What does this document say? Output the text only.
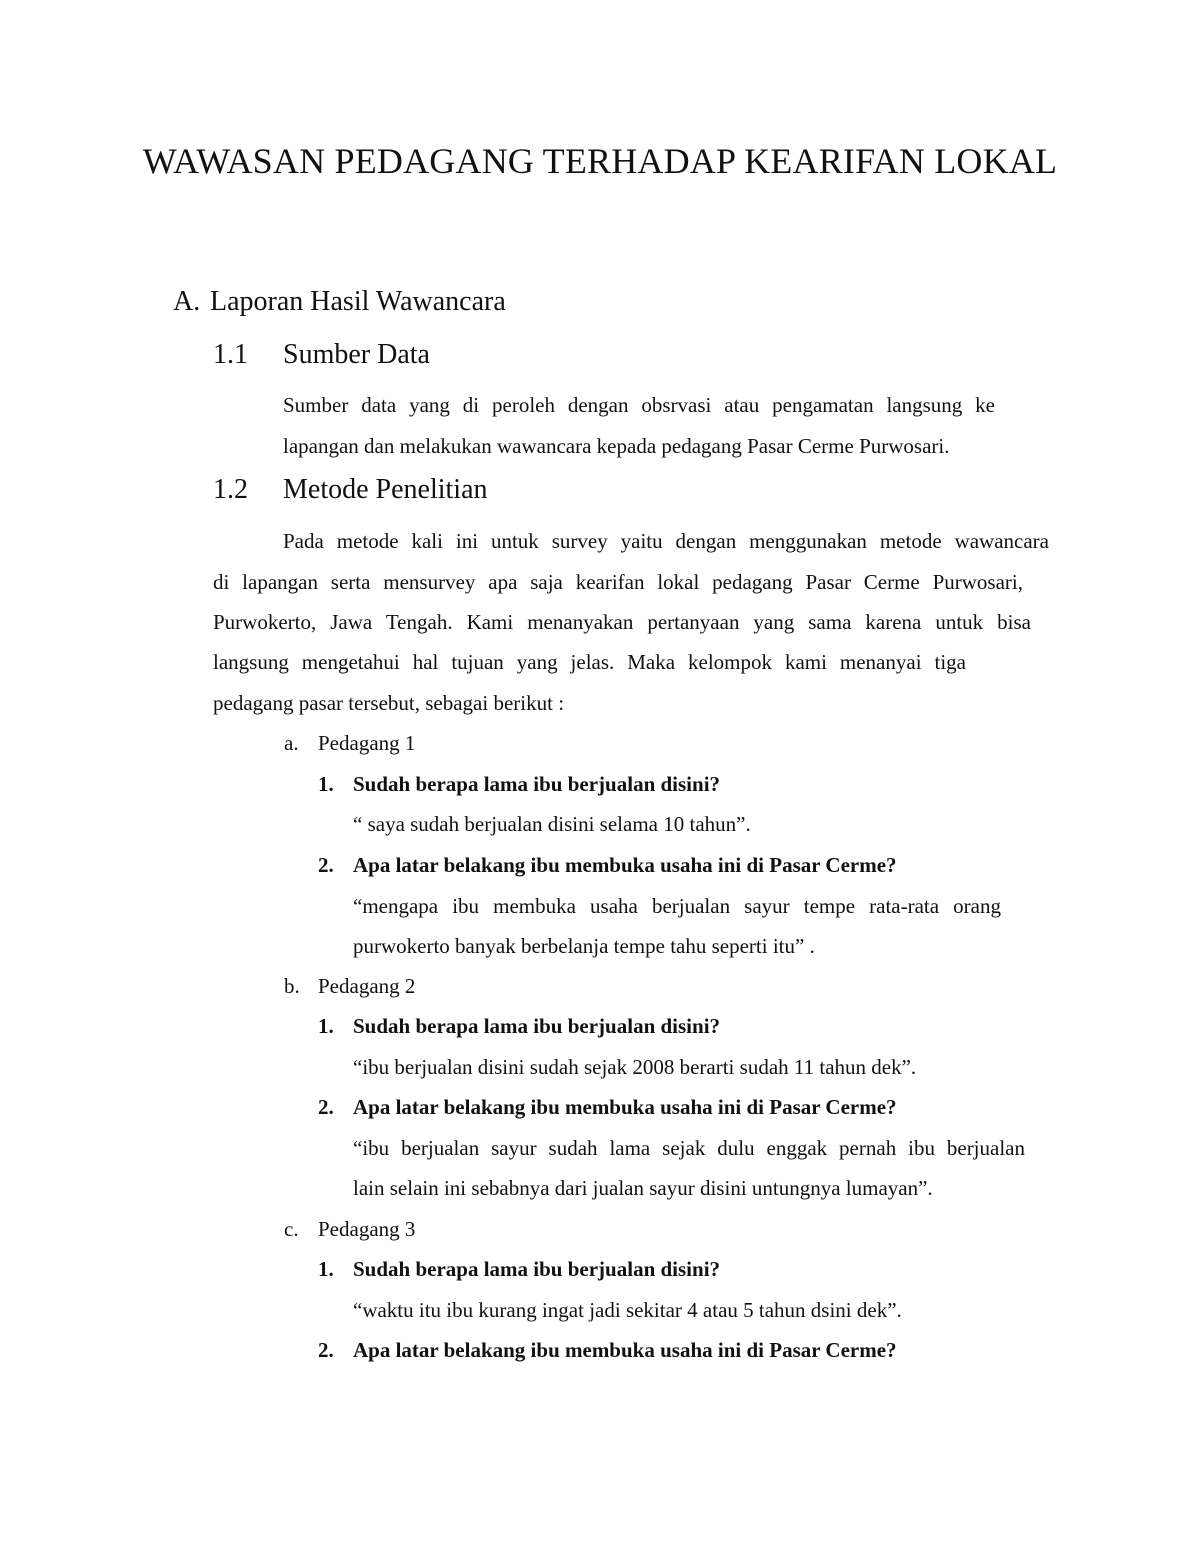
WAWASAN PEDAGANG TERHADAP KEARIFAN LOKAL
A. Laporan Hasil Wawancara
1.1 Sumber Data
Sumber data yang di peroleh dengan obsrvasi atau pengamatan langsung ke
lapangan dan melakukan wawancara kepada pedagang Pasar Cerme Purwosari.
1.2 Metode Penelitian
Pada metode kali ini untuk survey yaitu dengan menggunakan metode wawancara
di lapangan serta mensurvey apa saja kearifan lokal pedagang Pasar Cerme Purwosari,
Purwokerto, Jawa Tengah. Kami menanyakan pertanyaan yang sama karena untuk bisa
langsung mengetahui hal tujuan yang jelas. Maka kelompok kami menanyai tiga
pedagang pasar tersebut, sebagai berikut :
a. Pedagang 1
1. Sudah berapa lama ibu berjualan disini?
“ saya sudah berjualan disini selama 10 tahun”.
2. Apa latar belakang ibu membuka usaha ini di Pasar Cerme?
“mengapa ibu membuka usaha berjualan sayur tempe rata-rata orang
purwokerto banyak berbelanja tempe tahu seperti itu” .
b. Pedagang 2
1. Sudah berapa lama ibu berjualan disini?
“ibu berjualan disini sudah sejak 2008 berarti sudah 11 tahun dek”.
2. Apa latar belakang ibu membuka usaha ini di Pasar Cerme?
“ibu berjualan sayur sudah lama sejak dulu enggak pernah ibu berjualan
lain selain ini sebabnya dari jualan sayur disini untungnya lumayan”.
c. Pedagang 3
1. Sudah berapa lama ibu berjualan disini?
“waktu itu ibu kurang ingat jadi sekitar 4 atau 5 tahun dsini dek”.
2. Apa latar belakang ibu membuka usaha ini di Pasar Cerme?
